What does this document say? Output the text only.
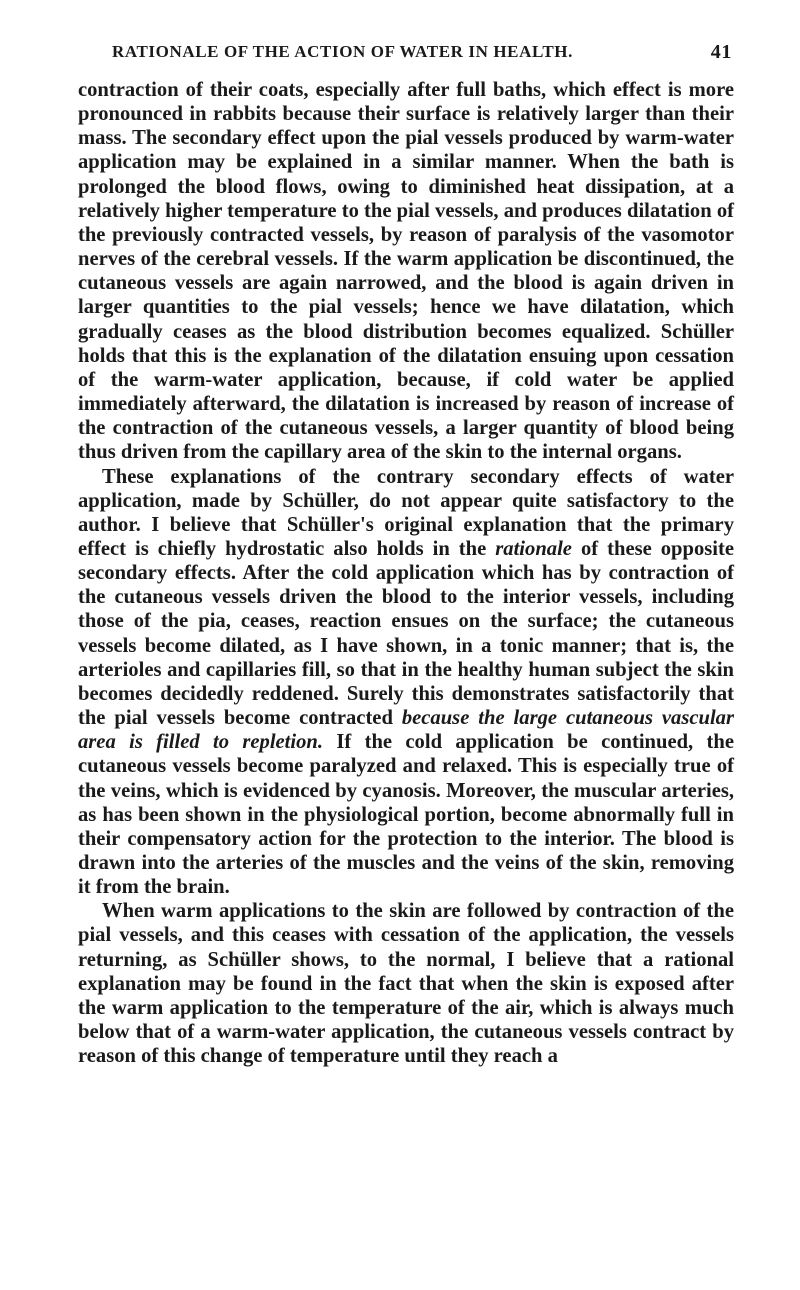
RATIONALE OF THE ACTION OF WATER IN HEALTH.	41

contraction of their coats, especially after full baths, which effect is more pronounced in rabbits because their surface is relatively larger than their mass. The secondary effect upon the pial vessels produced by warm-water application may be explained in a similar manner. When the bath is prolonged the blood flows, owing to diminished heat dissipation, at a relatively higher temperature to the pial vessels, and produces dilatation of the previously contracted vessels, by reason of paralysis of the vasomotor nerves of the cerebral vessels. If the warm application be discontinued, the cutaneous vessels are again narrowed, and the blood is again driven in larger quantities to the pial vessels; hence we have dilatation, which gradually ceases as the blood distribution becomes equalized. Schüller holds that this is the explanation of the dilatation ensuing upon cessation of the warm-water application, because, if cold water be applied immediately afterward, the dilatation is increased by reason of increase of the contraction of the cutaneous vessels, a larger quantity of blood being thus driven from the capillary area of the skin to the internal organs.

These explanations of the contrary secondary effects of water application, made by Schüller, do not appear quite satisfactory to the author. I believe that Schüller's original explanation that the primary effect is chiefly hydrostatic also holds in the rationale of these opposite secondary effects. After the cold application which has by contraction of the cutaneous vessels driven the blood to the interior vessels, including those of the pia, ceases, reaction ensues on the surface; the cutaneous vessels become dilated, as I have shown, in a tonic manner; that is, the arterioles and capillaries fill, so that in the healthy human subject the skin becomes decidedly reddened. Surely this demonstrates satisfactorily that the pial vessels become contracted because the large cutaneous vascular area is filled to repletion. If the cold application be continued, the cutaneous vessels become paralyzed and relaxed. This is especially true of the veins, which is evidenced by cyanosis. Moreover, the muscular arteries, as has been shown in the physiological portion, become abnormally full in their compensatory action for the protection to the interior. The blood is drawn into the arteries of the muscles and the veins of the skin, removing it from the brain.

When warm applications to the skin are followed by contraction of the pial vessels, and this ceases with cessation of the application, the vessels returning, as Schüller shows, to the normal, I believe that a rational explanation may be found in the fact that when the skin is exposed after the warm application to the temperature of the air, which is always much below that of a warm-water application, the cutaneous vessels contract by reason of this change of temperature until they reach a
